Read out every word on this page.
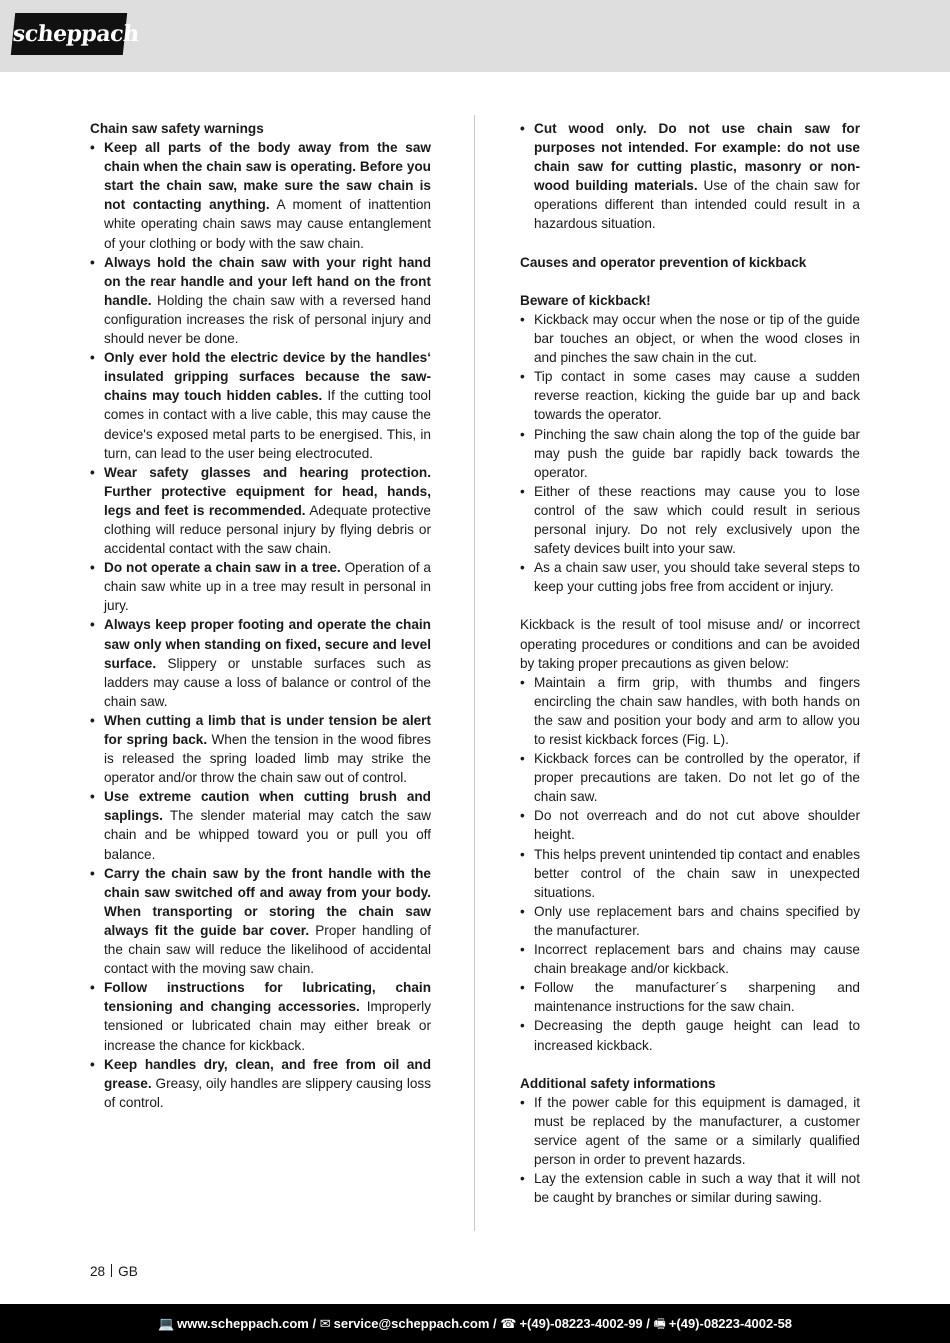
scheppach
Chain saw safety warnings
• Keep all parts of the body away from the saw chain when the chain saw is operating. Before you start the chain saw, make sure the saw chain is not contacting anything. A moment of inattention white operating chain saws may cause entanglement of your clothing or body with the saw chain.
• Always hold the chain saw with your right hand on the rear handle and your left hand on the front handle. Holding the chain saw with a reversed hand configuration increases the risk of personal injury and should never be done.
• Only ever hold the electric device by the handles‘ insulated gripping surfaces because the saw-chains may touch hidden cables. If the cutting tool comes in contact with a live cable, this may cause the device's exposed metal parts to be energised. This, in turn, can lead to the user being electrocuted.
• Wear safety glasses and hearing protection. Further protective equipment for head, hands, legs and feet is recommended. Adequate protective clothing will reduce personal injury by flying debris or accidental contact with the saw chain.
• Do not operate a chain saw in a tree. Operation of a chain saw white up in a tree may result in personal in jury.
• Always keep proper footing and operate the chain saw only when standing on fixed, secure and level surface. Slippery or unstable surfaces such as ladders may cause a loss of balance or control of the chain saw.
• When cutting a limb that is under tension be alert for spring back. When the tension in the wood fibres is released the spring loaded limb may strike the operator and/or throw the chain saw out of control.
• Use extreme caution when cutting brush and saplings. The slender material may catch the saw chain and be whipped toward you or pull you off balance.
• Carry the chain saw by the front handle with the chain saw switched off and away from your body. When transporting or storing the chain saw always fit the guide bar cover. Proper handling of the chain saw will reduce the likelihood of accidental contact with the moving saw chain.
• Follow instructions for lubricating, chain tensioning and changing accessories. Improperly tensioned or lubricated chain may either break or increase the chance for kickback.
• Keep handles dry, clean, and free from oil and grease. Greasy, oily handles are slippery causing loss of control.
• Cut wood only. Do not use chain saw for purposes not intended. For example: do not use chain saw for cutting plastic, masonry or non-wood building materials. Use of the chain saw for operations different than intended could result in a hazardous situation.
Causes and operator prevention of kickback
Beware of kickback!
• Kickback may occur when the nose or tip of the guide bar touches an object, or when the wood closes in and pinches the saw chain in the cut.
• Tip contact in some cases may cause a sudden reverse reaction, kicking the guide bar up and back towards the operator.
• Pinching the saw chain along the top of the guide bar may push the guide bar rapidly back towards the operator.
• Either of these reactions may cause you to lose control of the saw which could result in serious personal injury. Do not rely exclusively upon the safety devices built into your saw.
• As a chain saw user, you should take several steps to keep your cutting jobs free from accident or injury.

Kickback is the result of tool misuse and/ or incorrect operating procedures or conditions and can be avoided by taking proper precautions as given below:

• Maintain a firm grip, with thumbs and fingers encircling the chain saw handles, with both hands on the saw and position your body and arm to allow you to resist kickback forces (Fig. L).
• Kickback forces can be controlled by the operator, if proper precautions are taken. Do not let go of the chain saw.
• Do not overreach and do not cut above shoulder height.
• This helps prevent unintended tip contact and enables better control of the chain saw in unexpected situations.
• Only use replacement bars and chains specified by the manufacturer.
• Incorrect replacement bars and chains may cause chain breakage and/or kickback.
• Follow the manufacturer´s sharpening and maintenance instructions for the saw chain.
• Decreasing the depth gauge height can lead to increased kickback.
Additional safety informations
• If the power cable for this equipment is damaged, it must be replaced by the manufacturer, a customer service agent of the same or a similarly qualified person in order to prevent hazards.
• Lay the extension cable in such a way that it will not be caught by branches or similar during sawing.
28 GB
💻 www.scheppach.com / ✉ service@scheppach.com / ☎ +(49)-08223-4002-99 / 🖷 +(49)-08223-4002-58
